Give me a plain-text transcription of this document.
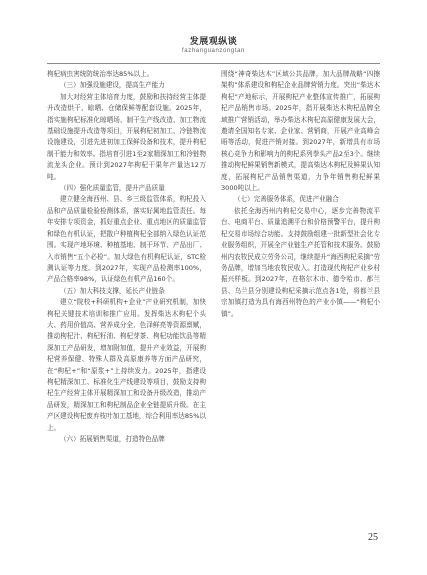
发展观纵谈
fazhanguanzongtan

枸杞病虫害统防统治率达85%以上。

（三）加强设施建设，提高生产能力

加大对经营主体培育力度，鼓励和扶持经营主体提升改造烘干、晾晒、仓储保鲜等配套设施。2025年，指实施枸杞标准化晾晒场、制干生产线改造、加工物流基础设施提升改造等项目，开展枸杞初加工、冷链物流设施建设，引进先进初加工保鲜设备和技术，提升枸杞制干能力和效率。指培育引进1至2家精深加工和冷链物流龙头企业。预计到2027年枸杞干果年产量达12万吨。

（四）强化质量监管，提升产品质量

建立健全海西州、县、乡三级监管体系，构杞投入品和产品质量检验检测体系，落实好属地监管责任。每年安排专项资金，抓好重点企业、重点地区的质量监管和绿色有机认证，把散户种植枸杞全部纳入绿色认证范围。实现产地环境、种植基地、制干环节、产品出厂、入市销售“五个必检”。加大绿色有机枸杞认证，STC检测认证等力度。到2027年，实现产品检测率100%，产品合格率98%，认证绿色有机产品160个。

（五）加大科技支撑，延长产业链条

建立“院校+科研机构+企业”产业研究机制，加快枸杞关键技术培训和推广应用。发挥柴达木枸杞个头大、药用价值高、营养成分全、色泽鲜亮等资源禀赋，推动枸杞汁、枸杞籽油、枸杞芽茶、枸杞功能饮品等精深加工产品研发，增加附加值，提升产业效益，开展枸杞营养保健、特殊人群及高原康养等方面产品研究，在“枸杞+”和“原浆+”上持续发力。2025年，指建设枸杞精深加工、标准化生产线建设等项目，鼓励支持枸杞生产经营主体开展精深加工和设备升级改造，推动产品研发，精深加工和枸杞制品企业全链提质升级。在主产区建设枸杞废弃枝叶加工基地，综合利用率达85%以上。

（六）拓展销售渠道，打造特色品牌

围绕“神奇柴达木”区域公共品牌，加大品牌战略“四擦架构”体系建设和枸杞企业品牌营销力度。突出“柴达木枸杞”产地标示，开展枸杞产业整体宣传推广，拓展枸杞产品销售市场。2025年，指开展柴达木枸杞品牌全域推广营销活动，举办柴达木枸杞高原健康发展大会，邀请全国知名专家、企业家、营销商，开展产业高峰会晤等活动，促进产销对接。到2027年，新增具有市场核心竞争力和影响力的枸杞系列拳头产品2至3个。继续推动枸杞鲜果销售新模式，提高柴达木枸杞及鲜果认知度，拓展枸杞产品销售渠道，力争年销售枸杞鲜果3000吨以上。

（七）完善服务体系，促进产业融合

依托全海西州内枸杞交易中心，逐步完善物流平台、电商平台、质量追溯平台和价格预警平台，提升枸杞交易市场综合功能。支持鼓励组建一批新型社会化专业服务组织，开展全产业链生产托管和技术服务。鼓励州内农牧民成立劳务公司，继续提升“海西枸杞采摘”劳务品牌，增加当地农牧民收入。打造现代枸杞产业乡村振兴样板。到2027年，在格尔木市、德令哈市、都兰县、乌兰县分别建设枸杞采摘示范点各1处，将都兰县宗加镇打造为具有海西州特色的产业小镇——“枸杞小镇”。

25
